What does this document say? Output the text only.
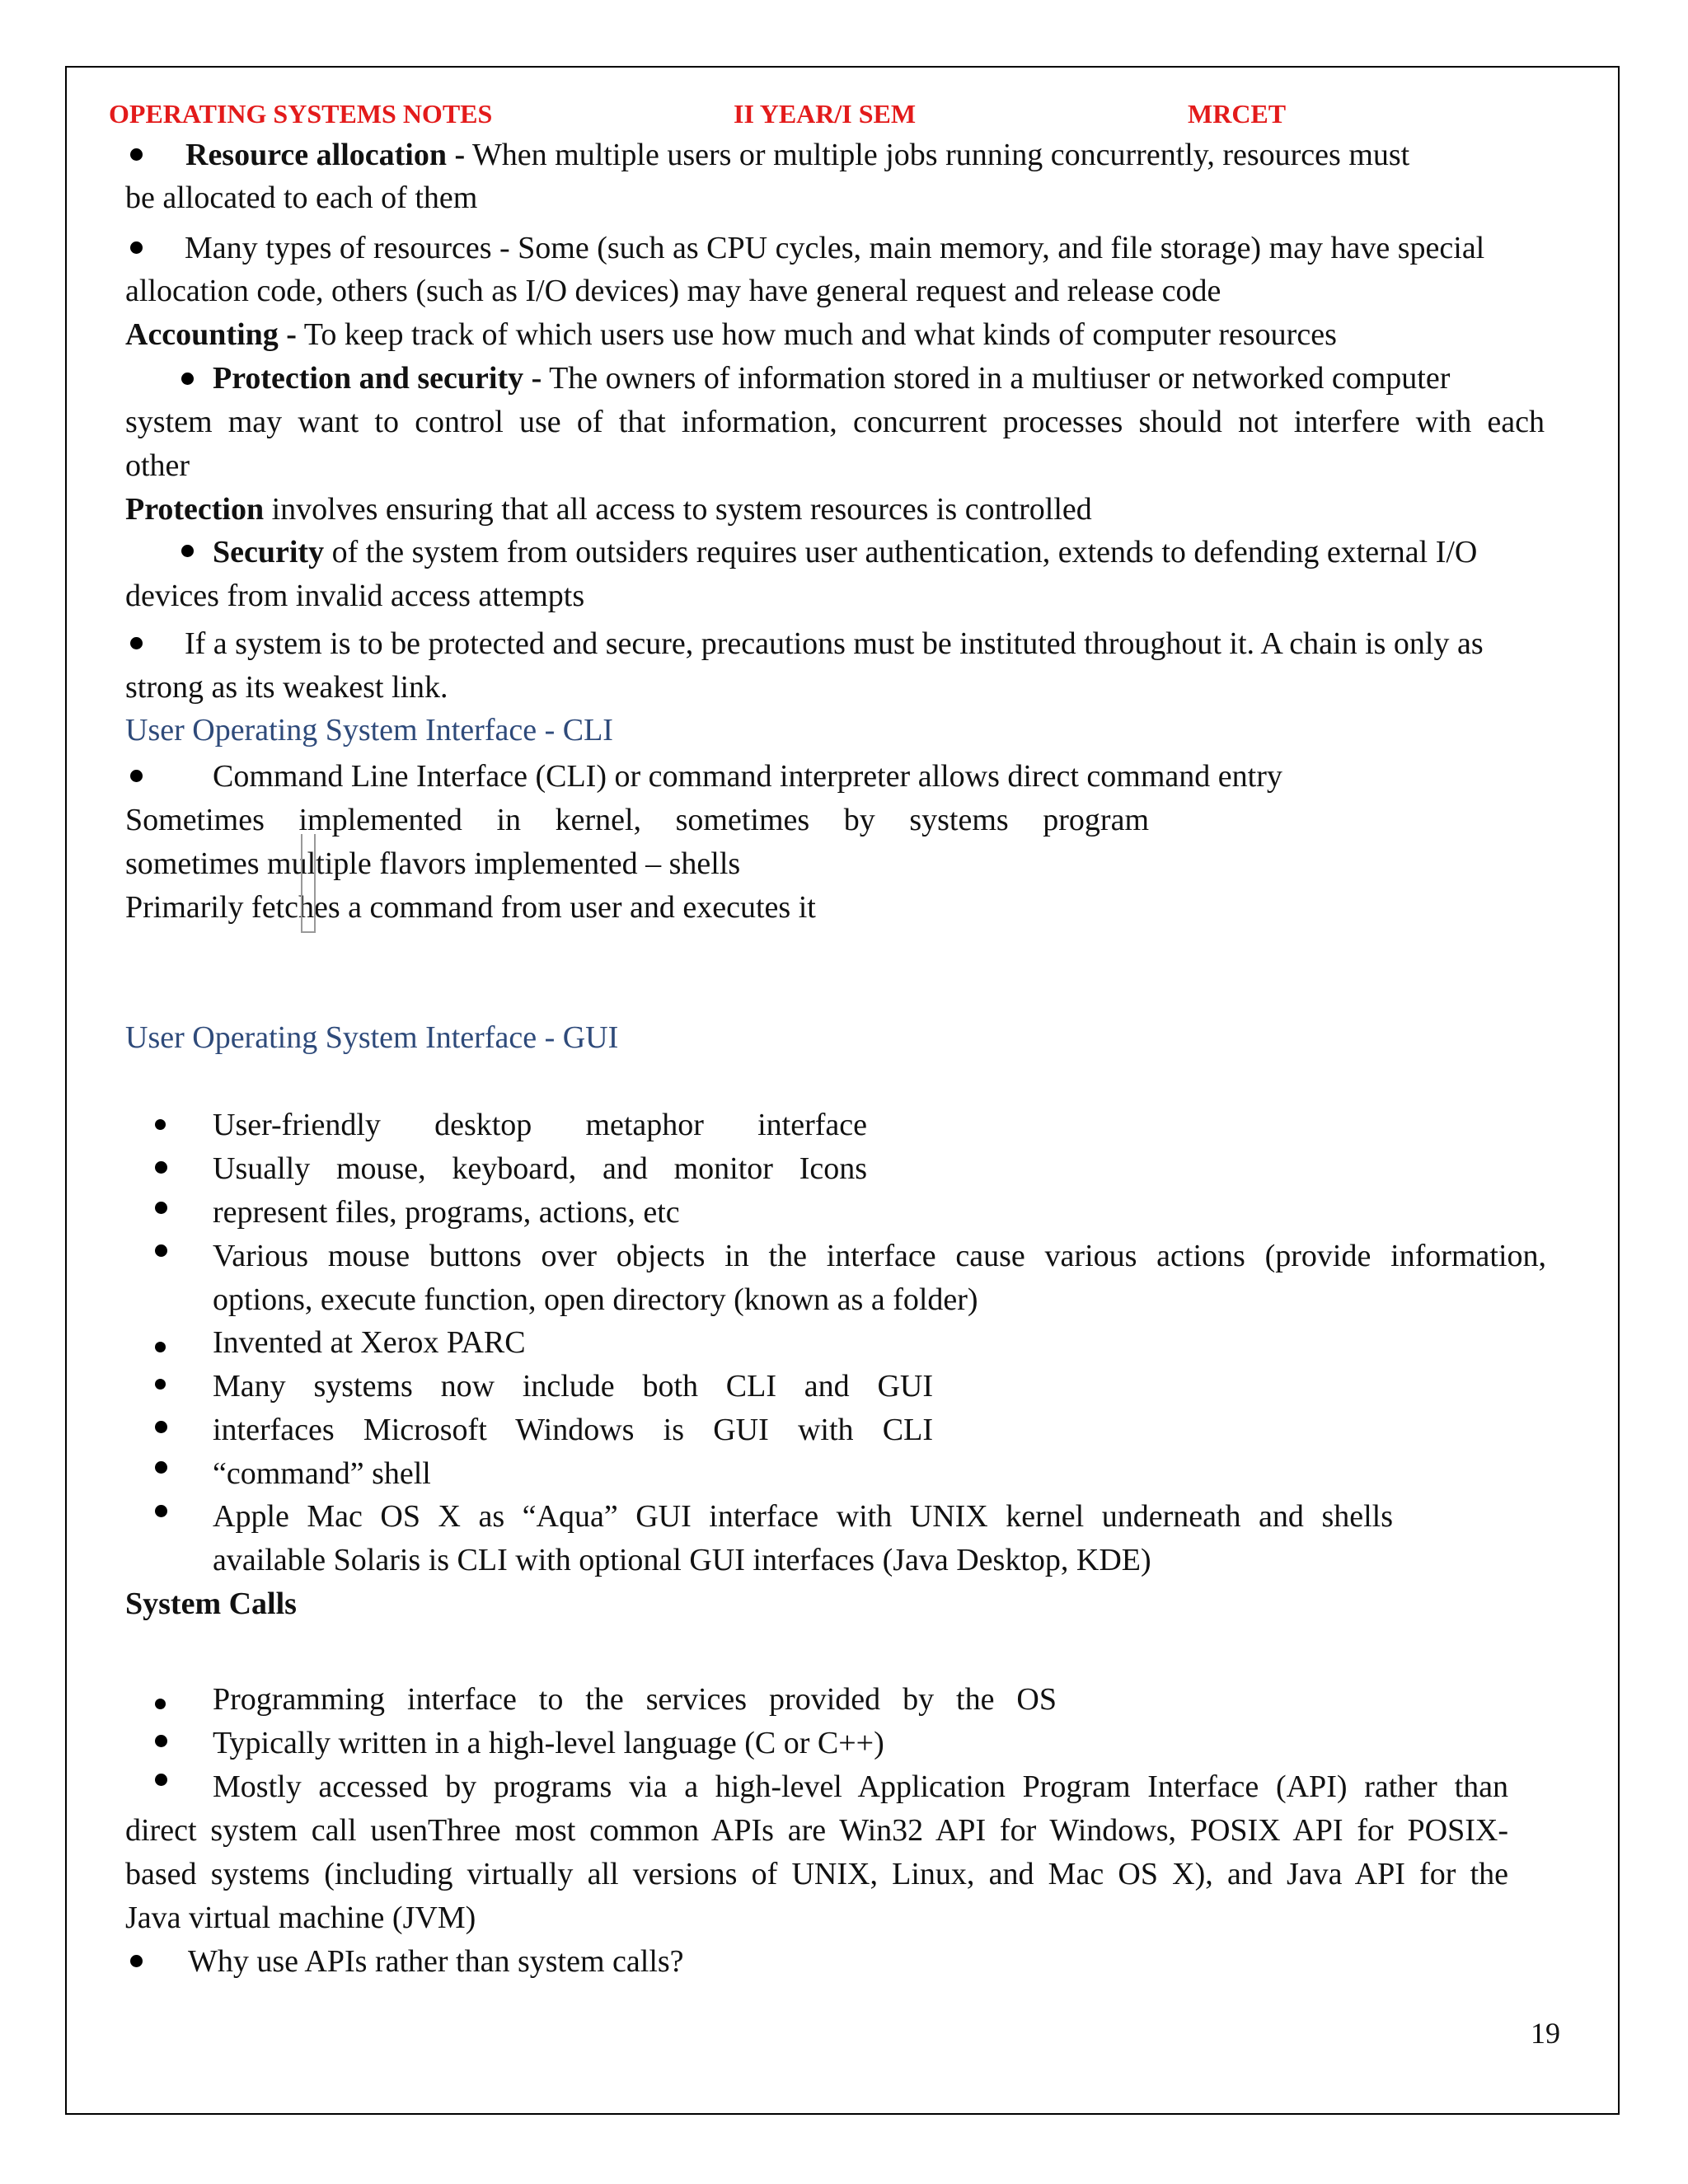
OPERATING SYSTEMS NOTES	II YEAR/I SEM	MRCET
Resource allocation - When multiple users or multiple jobs running concurrently, resources must
be allocated to each of them
Many types of resources - Some (such as CPU cycles, main memory, and file storage) may have special
allocation code, others (such as I/O devices) may have general request and release code
Accounting - To keep track of which users use how much and what kinds of computer resources
Protection and security - The owners of information stored in a multiuser or networked computer
system may want to control use of that information, concurrent processes should not interfere with each
other
Protection involves ensuring that all access to system resources is controlled
Security of the system from outsiders requires user authentication, extends to defending external I/O
devices from invalid access attempts
If a system is to be protected and secure, precautions must be instituted throughout it. A chain is only as
strong as its weakest link.
User Operating System Interface - CLI
Command Line Interface (CLI) or command interpreter allows direct command entry
Sometimes implemented in kernel, sometimes by systems program
sometimes multiple flavors implemented – shells
Primarily fetches a command from user and executes it
User Operating System Interface - GUI
User-friendly desktop metaphor interface
Usually mouse, keyboard, and monitor Icons
represent files, programs, actions, etc
Various mouse buttons over objects in the interface cause various actions (provide information,
options, execute function, open directory (known as a folder)
Invented at Xerox PARC
Many systems now include both CLI and GUI
interfaces Microsoft Windows is GUI with CLI
“command” shell
Apple Mac OS X as “Aqua” GUI interface with UNIX kernel underneath and shells
available Solaris is CLI with optional GUI interfaces (Java Desktop, KDE)
System Calls
Programming interface to the services provided by the OS
Typically written in a high-level language (C or C++)
Mostly accessed by programs via a high-level Application Program Interface (API) rather than
direct system call usenThree most common APIs are Win32 API for Windows, POSIX API for POSIX-
based systems (including virtually all versions of UNIX, Linux, and Mac OS X), and Java API for the
Java virtual machine (JVM)
Why use APIs rather than system calls?
19
